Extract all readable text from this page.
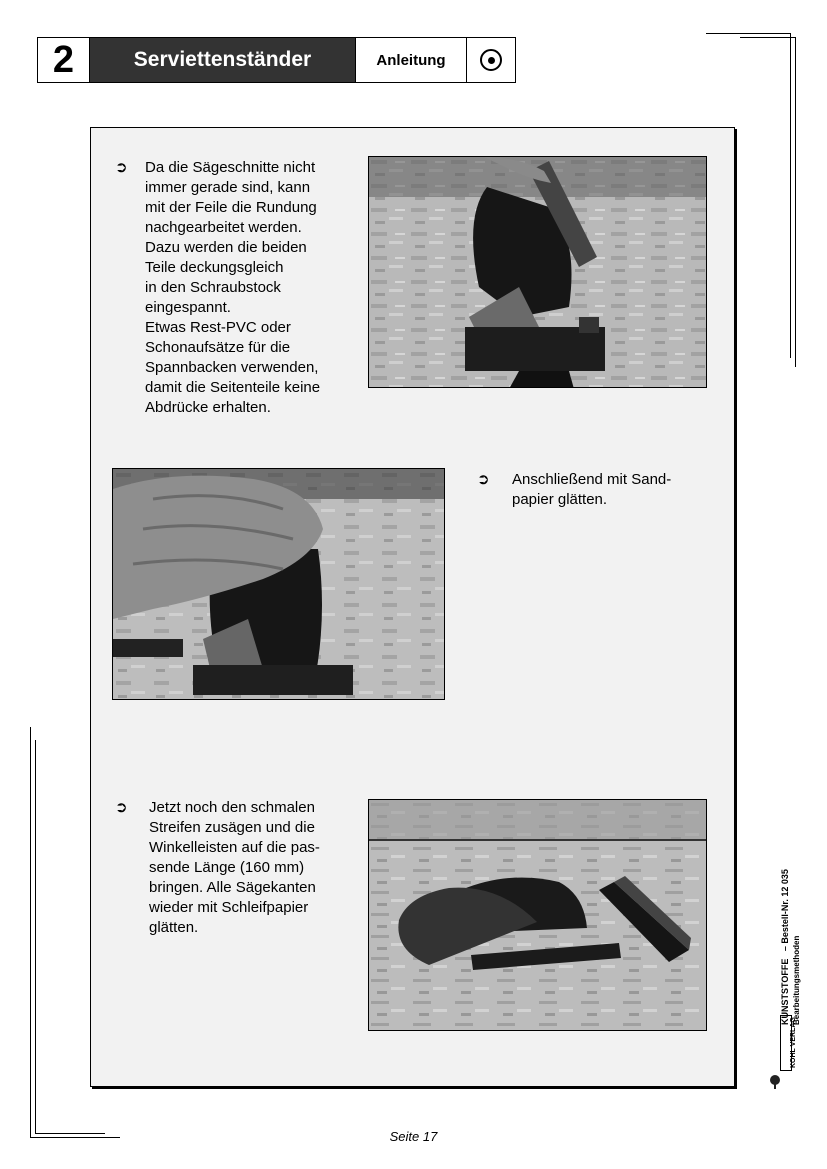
2	Serviettenständer	Anleitung
➲ Da die Sägeschnitte nicht

immer gerade sind, kann

mit der Feile die Rundung

nachgearbeitet werden.

Dazu werden die beiden

Teile deckungsgleich

in den Schraubstock

eingespannt.

Etwas Rest-PVC oder

Schonaufsätze für die

Spannbacken verwenden,

damit die Seitenteile keine

Abdrücke erhalten.

➲ Anschließend mit Sand-

papier glätten.

➲ Jetzt noch den schmalen

Streifen zusägen und die

Winkelleisten auf die pas-

sende Länge (160 mm)

bringen. Alle Sägekanten

wieder mit Schleifpapier

glätten.

KUNSTSTOFFE   – Bestell-Nr. 12 035
Bearbeitungsmethoden
KOHL VERLAG
Seite 17
